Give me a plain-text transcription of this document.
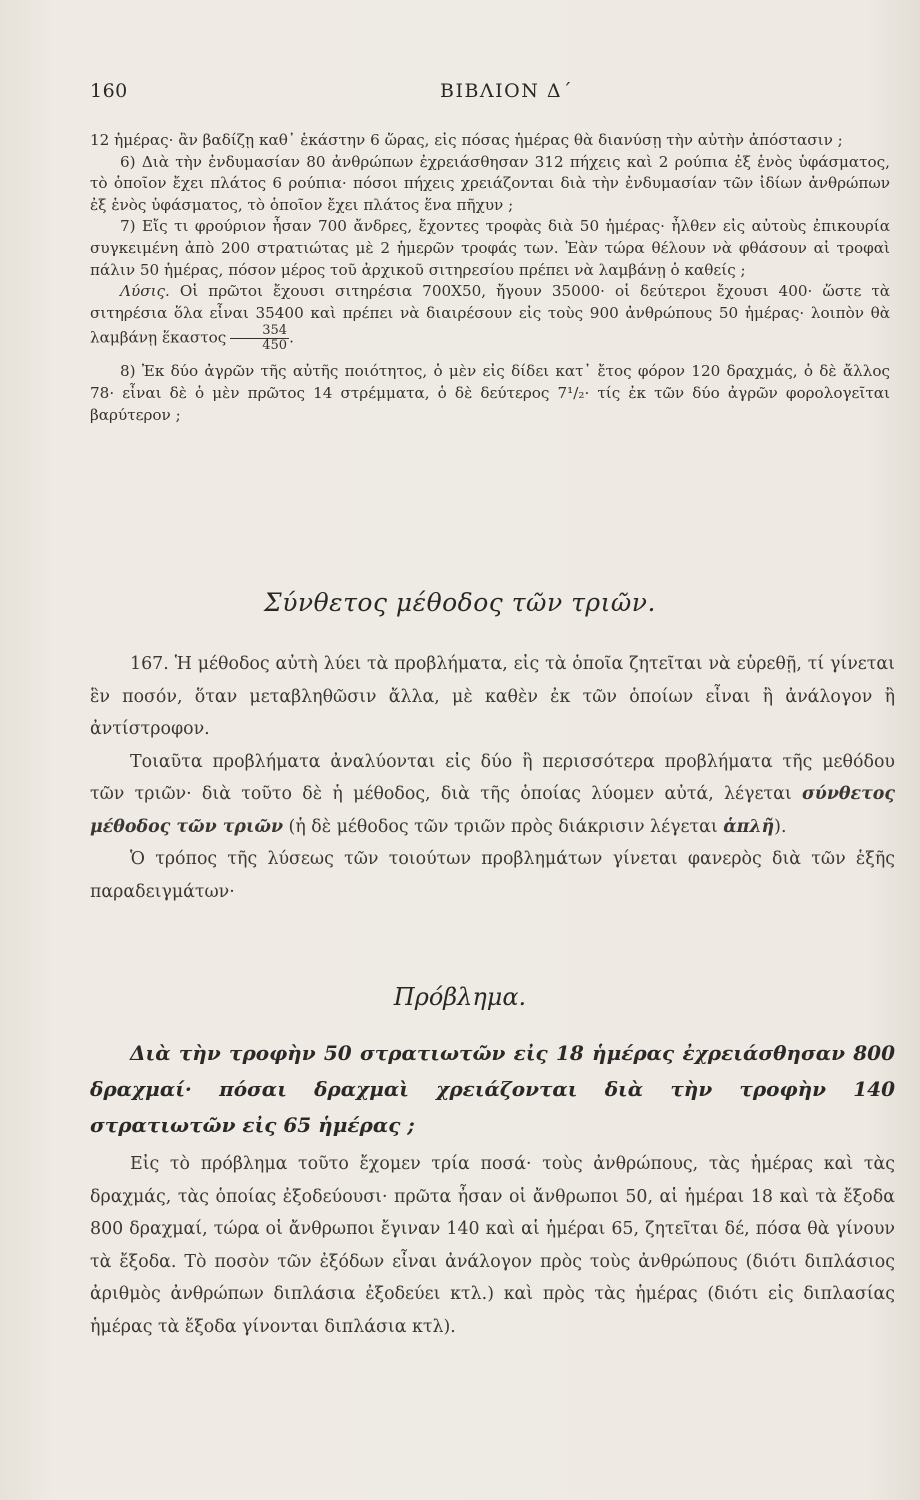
160	ΒΙΒΛΙΟΝ Δ΄

12 ἡμέρας· ἂν βαδίζῃ καθ᾽ ἑκάστην 6 ὥρας, εἰς πόσας ἡμέρας θὰ διανύσῃ τὴν αὐτὴν ἀπόστασιν ;

6) Διὰ τὴν ἐνδυμασίαν 80 ἀνθρώπων ἐχρειάσθησαν 312 πήχεις καὶ 2 ρούπια ἐξ ἑνὸς ὑφάσματος, τὸ ὁποῖον ἔχει πλάτος 6 ρούπια· πόσοι πήχεις χρειάζονται διὰ τὴν ἐνδυμασίαν τῶν ἰδίων ἀνθρώπων ἐξ ἑνὸς ὑφάσματος, τὸ ὁποῖον ἔχει πλάτος ἕνα πῆχυν ;

7) Εἴς τι φρούριον ἦσαν 700 ἄνδρες, ἔχοντες τροφὰς διὰ 50 ἡμέρας· ἦλθεν εἰς αὐτοὺς ἐπικουρία συγκειμένη ἀπὸ 200 στρατιώτας μὲ 2 ἡμερῶν τροφάς των. Ἐὰν τώρα θέλουν νὰ φθάσουν αἱ τροφαὶ πάλιν 50 ἡμέρας, πόσον μέρος τοῦ ἀρχικοῦ σιτηρεσίου πρέπει νὰ λαμβάνῃ ὁ καθείς ;

Λύσις. Οἱ πρῶτοι ἔχουσι σιτηρέσια 700Χ50, ἤγουν 35000· οἱ δεύτεροι ἔχουσι 400· ὥστε τὰ σιτηρέσια ὅλα εἶναι 35400 καὶ πρέπει νὰ διαιρέσουν εἰς τοὺς 900 ἀνθρώπους 50 ἡμέρας· λοιπὸν θὰ λαμβάνῃ ἕκαστος $\frac{354}{450}$ .

8) Ἐκ δύο ἀγρῶν τῆς αὐτῆς ποιότητος, ὁ μὲν εἰς δίδει κατ᾽ ἔτος φόρον 120 δραχμάς, ὁ δὲ ἄλλος 78· εἶναι δὲ ὁ μὲν πρῶτος 14 στρέμματα, ὁ δὲ δεύτερος 7¹/₂· τίς ἐκ τῶν δύο ἀγρῶν φορολογεῖται βαρύτερον ;

Σύνθετος μέθοδος τῶν τριῶν.

167. Ἡ μέθοδος αὐτὴ λύει τὰ προβλήματα, εἰς τὰ ὁποῖα ζητεῖται νὰ εὑρεθῇ, τί γίνεται ἓν ποσόν, ὅταν μεταβληθῶσιν ἄλλα, μὲ καθὲν ἐκ τῶν ὁποίων εἶναι ἢ ἀνάλογον ἢ ἀντίστροφον.

Τοιαῦτα προβλήματα ἀναλύονται εἰς δύο ἢ περισσότερα προβλήματα τῆς μεθόδου τῶν τριῶν· διὰ τοῦτο δὲ ἡ μέθοδος, διὰ τῆς ὁποίας λύομεν αὐτά, λέγεται σύνθετος μέθοδος τῶν τριῶν (ἡ δὲ μέθοδος τῶν τριῶν πρὸς διάκρισιν λέγεται ἁπλῆ).

Ὁ τρόπος τῆς λύσεως τῶν τοιούτων προβλημάτων γίνεται φανερὸς διὰ τῶν ἑξῆς παραδειγμάτων·

Πρόβλημα.

Διὰ τὴν τροφὴν 50 στρατιωτῶν εἰς 18 ἡμέρας ἐχρειάσθησαν 800 δραχμαί· πόσαι δραχμαὶ χρειάζονται διὰ τὴν τροφὴν 140 στρατιωτῶν εἰς 65 ἡμέρας ;

Εἰς τὸ πρόβλημα τοῦτο ἔχομεν τρία ποσά· τοὺς ἀνθρώπους, τὰς ἡμέρας καὶ τὰς δραχμάς, τὰς ὁποίας ἐξοδεύουσι· πρῶτα ἦσαν οἱ ἄνθρωποι 50, αἱ ἡμέραι 18 καὶ τὰ ἔξοδα 800 δραχμαί, τώρα οἱ ἄνθρωποι ἔγιναν 140 καὶ αἱ ἡμέραι 65, ζητεῖται δέ, πόσα θὰ γίνουν τὰ ἔξοδα. Τὸ ποσὸν τῶν ἐξόδων εἶναι ἀνάλογον πρὸς τοὺς ἀνθρώπους (διότι διπλάσιος ἀριθμὸς ἀνθρώπων διπλάσια ἐξοδεύει κτλ.) καὶ πρὸς τὰς ἡμέρας (διότι εἰς διπλασίας ἡμέρας τὰ ἔξοδα γίνονται διπλάσια κτλ).
